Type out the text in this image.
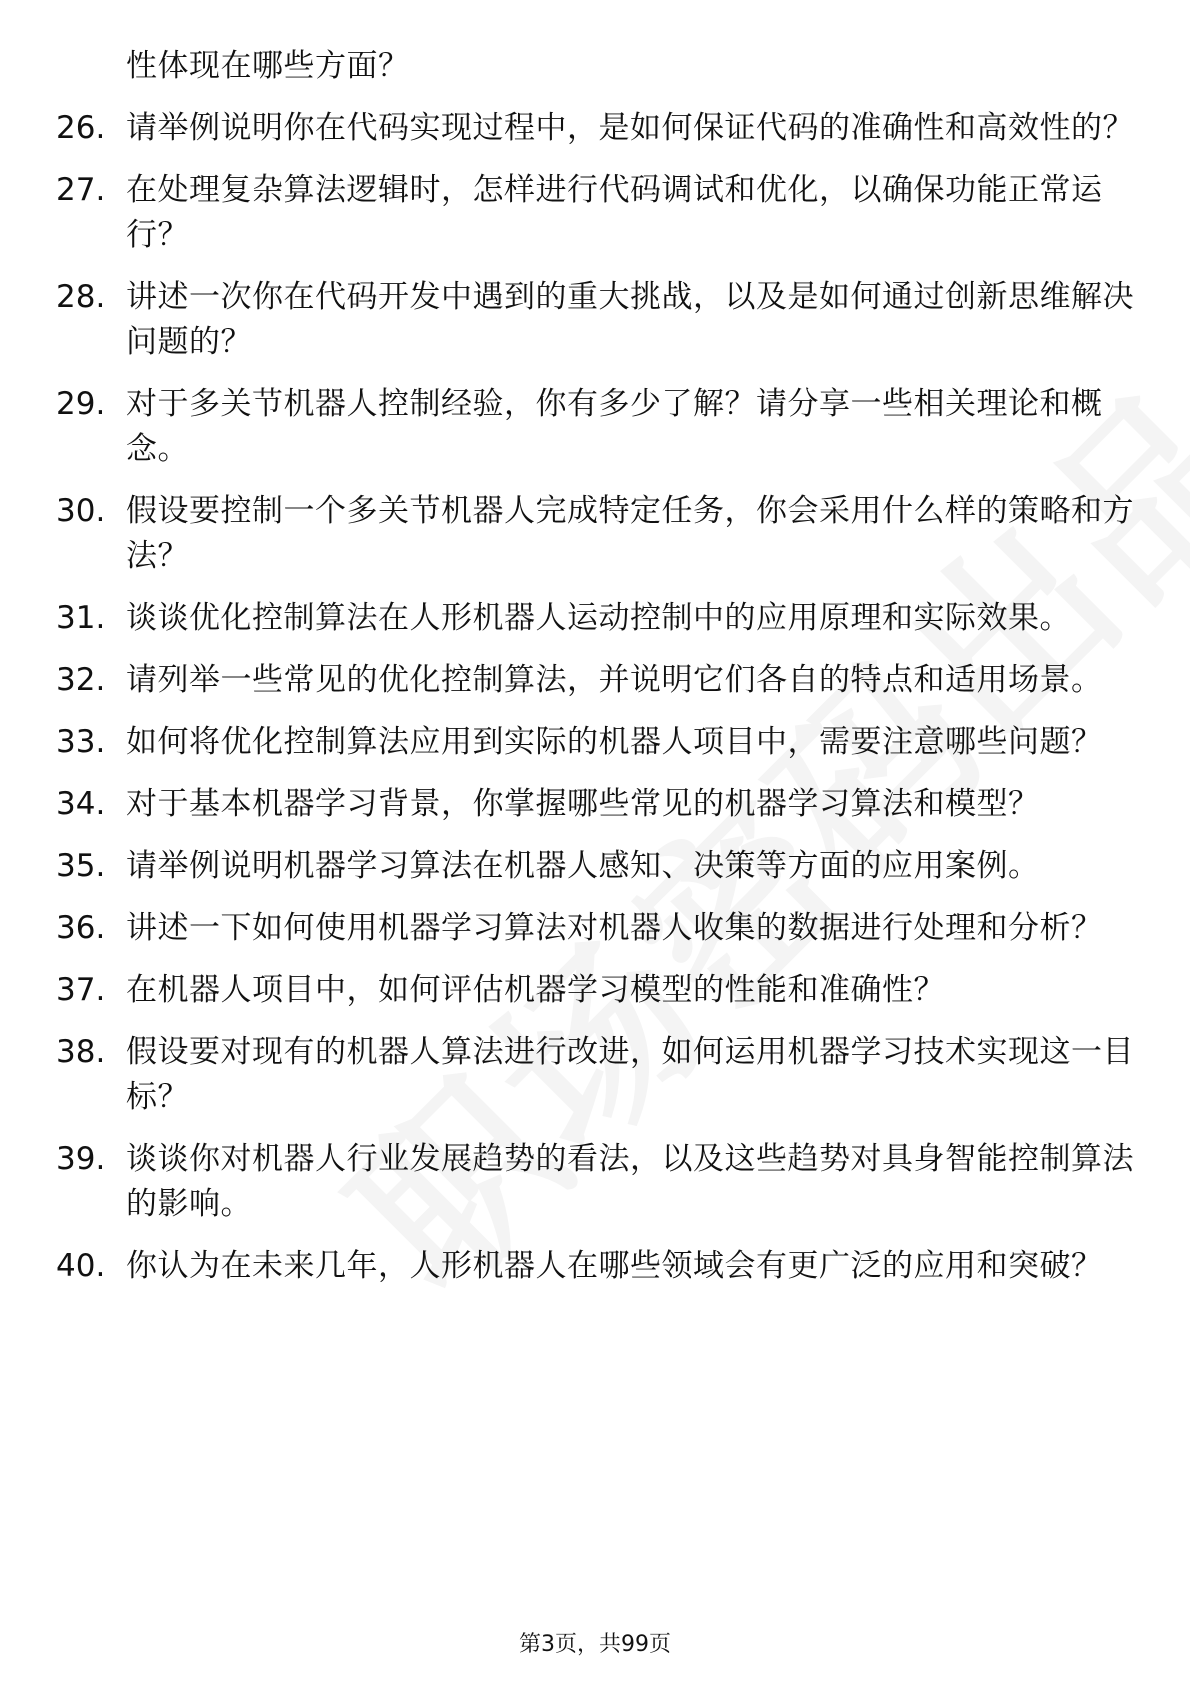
性体现在哪些方面？
26. 请举例说明你在代码实现过程中，是如何保证代码的准确性和高效性的？
27. 在处理复杂算法逻辑时，怎样进行代码调试和优化，以确保功能正常运行？
28. 讲述一次你在代码开发中遇到的重大挑战，以及是如何通过创新思维解决问题的？
29. 对于多关节机器人控制经验，你有多少了解？请分享一些相关理论和概念。
30. 假设要控制一个多关节机器人完成特定任务，你会采用什么样的策略和方法？
31. 谈谈优化控制算法在人形机器人运动控制中的应用原理和实际效果。
32. 请列举一些常见的优化控制算法，并说明它们各自的特点和适用场景。
33. 如何将优化控制算法应用到实际的机器人项目中，需要注意哪些问题？
34. 对于基本机器学习背景，你掌握哪些常见的机器学习算法和模型？
35. 请举例说明机器学习算法在机器人感知、决策等方面的应用案例。
36. 讲述一下如何使用机器学习算法对机器人收集的数据进行处理和分析？
37. 在机器人项目中，如何评估机器学习模型的性能和准确性？
38. 假设要对现有的机器人算法进行改进，如何运用机器学习技术实现这一目标？
39. 谈谈你对机器人行业发展趋势的看法，以及这些趋势对具身智能控制算法的影响。
40. 你认为在未来几年，人形机器人在哪些领域会有更广泛的应用和突破？
第3页，共99页
